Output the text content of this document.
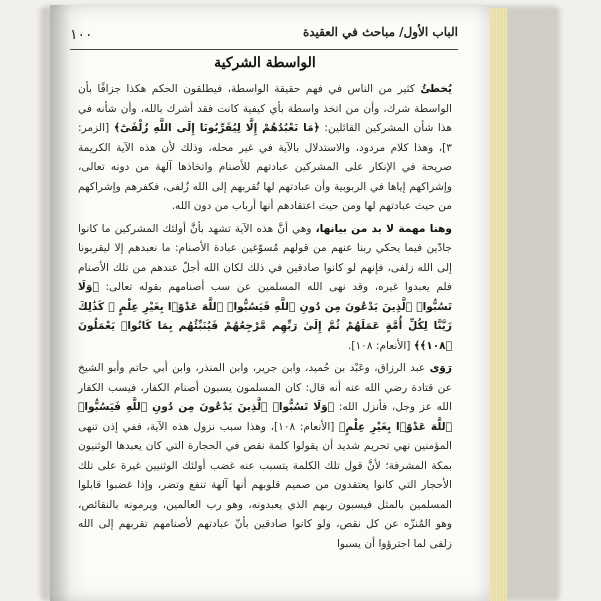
١٠٠	الباب الأول/ مباحث في العقيدة
الواسطة الشركية

يُخطئُ كثير من الناس في فهم حقيقة الواسطة، فيطلقون الحكم هكذا جزافًا بأن الواسطة شرك، وأن من اتخذ واسطة بأي كيفية كانت فقد أشرك بالله، وأن شأنه في هذا شأن المشركين القائلين: ﴿مَا نَعْبُدُهُمْ إِلَّا لِيُقَرِّبُونَا إِلَى اللَّهِ زُلْفَىٰٓ﴾ [الزمر: ٣]، وهذا كلام مردود، والاستدلال بالآية في غير محله، وذلك لأن هذه الآية الكريمة صريحة في الإنكار على المشركين عبادتهم للأصنام واتخاذها آلهة من دونه تعالى، وإشراكهم إياها في الربوبية وأن عبادتهم لها تُقربهم إلى الله زُلفى، فكفرهم وإشراكهم من حيث عبادتهم لها ومن حيث اعتقادهم أنها أرباب من دون الله.

وهنا مهمة لا بد من بيانها، وهي أنَّ هذه الآية تشهد بأنَّ أولئك المشركين ما كانوا جادّين فيما يحكي ربنا عنهم من قولهم مُسوّغين عبادة الأصنام: ما نعبدهم إلا ليقربونا إلى الله زلفى، فإنهم لو كانوا صادقين في ذلك لكان الله أجلّ عندهم من تلك الأصنام فلم يعبدوا غيره، وقد نهى الله المسلمين عن سب أصنامهم بقوله تعالى: ﴿وَلَا تَسُبُّوا۟ ٱلَّذِينَ يَدْعُونَ مِن دُونِ ٱللَّهِ فَيَسُبُّوا۟ ٱللَّهَ عَدْوًۢا بِغَيْرِ عِلْمٍ ۗ كَذَٰلِكَ زَيَّنَّا لِكُلِّ أُمَّةٍ عَمَلَهُمْ ثُمَّ إِلَىٰ رَبِّهِم مَّرْجِعُهُمْ فَيُنَبِّئُهُم بِمَا كَانُوا۟ يَعْمَلُونَ ﴿١٠٨﴾﴾ [الأنعام: ١٠٨].

رَوَى عبد الرزاق، وعَبْد بن حُميد، وابن جرير، وابن المنذر، وابن أبي حاتم وأبو الشيخ عن قتادة رضي الله عنه أنه قال: كان المسلمون يسبون أصنام الكفار، فيسب الكفار الله عز وجل، فأنزل الله: ﴿وَلَا تَسُبُّوا۟ ٱلَّذِينَ يَدْعُونَ مِن دُونِ ٱللَّهِ فَيَسُبُّوا۟ ٱللَّهَ عَدْوًۢا بِغَيْرِ عِلْمٍ﴾ [الأنعام: ١٠٨]، وهذا سبب نزول هذه الآية، ففي إذن تنهى المؤمنين نهي تحريم شديد أن يقولوا كلمة نقص في الحجارة التي كان يعبدها الوثنيون بمكة المشرفة؛ لأنَّ قول تلك الكلمة يتسبب عنه غضب أولئك الوثنيين غيرة على تلك الأحجار التي كانوا يعتقدون من صميم قلوبهم أنها آلهة تنفع وتضر، وإذا غضبوا قابلوا المسلمين بالمثل فيسبون ربهم الذي يعبدونه، وهو رب العالمين، ويرمونه بالنقائص، وهو المُنزّه عن كل نقص، ولو كانوا صادقين بأنّ عبادتهم لأصنامهم تقربهم إلى الله زلفى لما اجترؤوا أن يسبوا
